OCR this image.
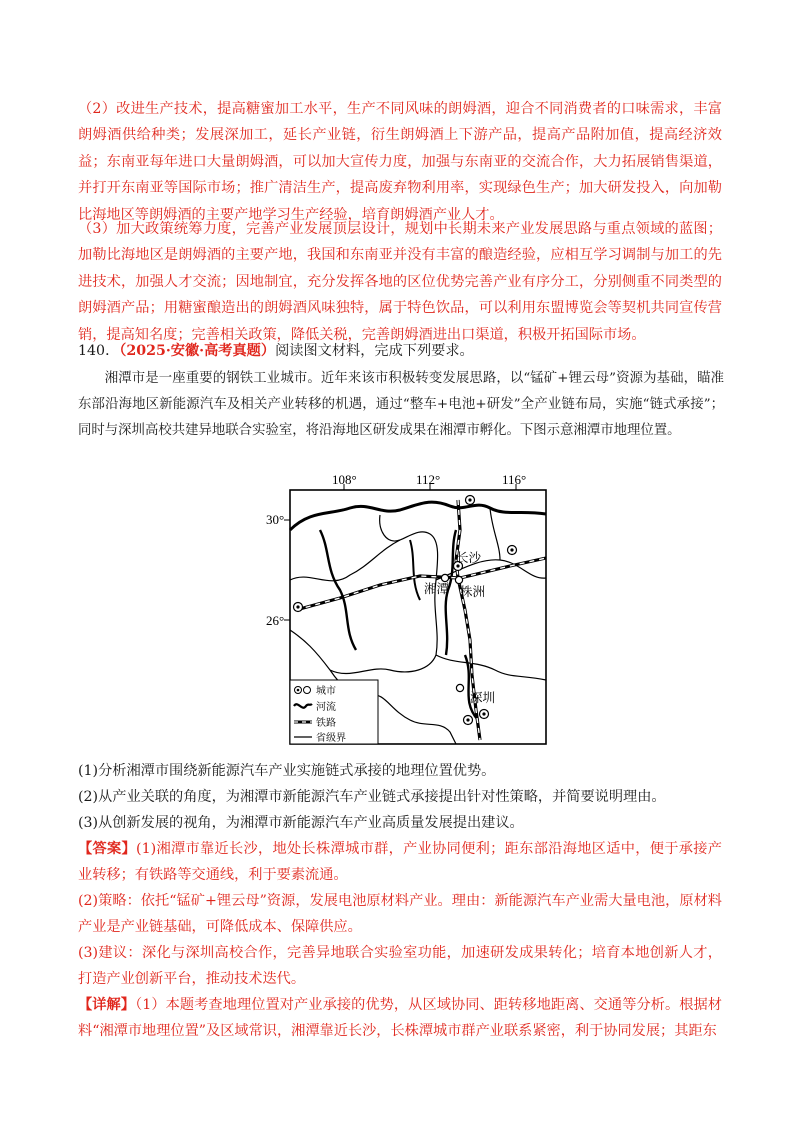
（2）改进生产技术，提高糖蜜加工水平，生产不同风味的朗姆酒，迎合不同消费者的口味需求，丰富朗姆酒供给种类；发展深加工，延长产业链，衍生朗姆酒上下游产品，提高产品附加值，提高经济效益；东南亚每年进口大量朗姆酒，可以加大宣传力度，加强与东南亚的交流合作，大力拓展销售渠道，并打开东南亚等国际市场；推广清洁生产，提高废弃物利用率，实现绿色生产；加大研发投入，向加勒比海地区等朗姆酒的主要产地学习生产经验，培育朗姆酒产业人才。

（3）加大政策统筹力度，完善产业发展顶层设计，规划中长期未来产业发展思路与重点领域的蓝图；加勒比海地区是朗姆酒的主要产地，我国和东南亚并没有丰富的酿造经验，应相互学习调制与加工的先进技术，加强人才交流；因地制宜，充分发挥各地的区位优势完善产业有序分工，分别侧重不同类型的朗姆酒产品；用糖蜜酿造出的朗姆酒风味独特，属于特色饮品，可以利用东盟博览会等契机共同宣传营销，提高知名度；完善相关政策，降低关税，完善朗姆酒进出口渠道，积极开拓国际市场。

140．（2025·安徽·高考真题）阅读图文材料，完成下列要求。

湘潭市是一座重要的钢铁工业城市。近年来该市积极转变发展思路，以“锰矿+锂云母”资源为基础，瞄准东部沿海地区新能源汽车及相关产业转移的机遇，通过“整车+电池+研发”全产业链布局，实施“链式承接”；同时与深圳高校共建异地联合实验室，将沿海地区研发成果在湘潭市孵化。下图示意湘潭市地理位置。

108°	112°	116°
30°
26°
长沙
湘潭 株洲
深圳
城市
河流
铁路
省级界
(1)分析湘潭市围绕新能源汽车产业实施链式承接的地理位置优势。
(2)从产业关联的角度，为湘潭市新能源汽车产业链式承接提出针对性策略，并简要说明理由。
(3)从创新发展的视角，为湘潭市新能源汽车产业高质量发展提出建议。

【答案】(1)湘潭市靠近长沙，地处长株潭城市群，产业协同便利；距东部沿海地区适中，便于承接产业转移；有铁路等交通线，利于要素流通。

(2)策略：依托“锰矿+锂云母”资源，发展电池原材料产业。理由：新能源汽车产业需大量电池，原材料产业是产业链基础，可降低成本、保障供应。

(3)建议：深化与深圳高校合作，完善异地联合实验室功能，加速研发成果转化；培育本地创新人才，打造产业创新平台，推动技术迭代。

【详解】（1）本题考查地理位置对产业承接的优势，从区域协同、距转移地距离、交通等分析。根据材料“湘潭市地理位置”及区域常识，湘潭靠近长沙，长株潭城市群产业联系紧密，利于协同发展；其距东
